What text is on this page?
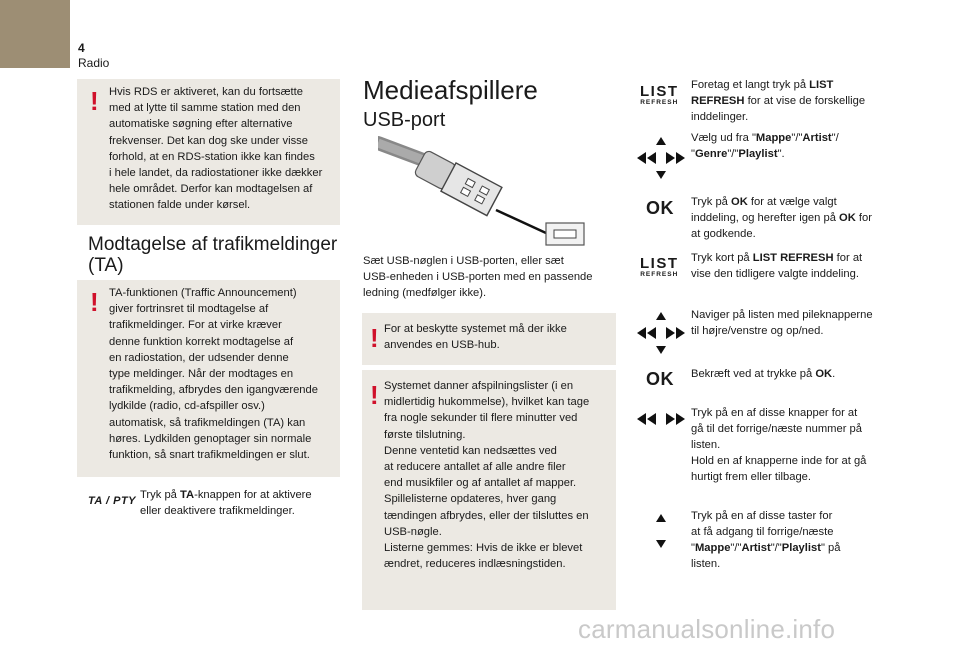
4
Radio
! Hvis RDS er aktiveret, kan du fortsætte
med at lytte til samme station med den
automatiske søgning efter alternative
frekvenser. Det kan dog ske under visse
forhold, at en RDS-station ikke kan findes
i hele landet, da radiostationer ikke dækker
hele området. Derfor kan modtagelsen af
stationen falde under kørsel.
Modtagelse af trafikmeldinger
(TA)
! TA-funktionen (Traffic Announcement)
giver fortrinsret til modtagelse af
trafikmeldinger. For at virke kræver
denne funktion korrekt modtagelse af
en radiostation, der udsender denne
type meldinger. Når der modtages en
trafikmelding, afbrydes den igangværende
lydkilde (radio, cd-afspiller osv.)
automatisk, så trafikmeldingen (TA) kan
høres. Lydkilden genoptager sin normale
funktion, så snart trafikmeldingen er slut.
TA / PTY Tryk på TA-knappen for at aktivere
eller deaktivere trafikmeldinger.
Medieafspillere
USB-port
Sæt USB-nøglen i USB-porten, eller sæt
USB-enheden i USB-porten med en passende
ledning (medfølger ikke).
! For at beskytte systemet må der ikke
anvendes en USB-hub.
! Systemet danner afspilningslister (i en
midlertidig hukommelse), hvilket kan tage
fra nogle sekunder til flere minutter ved
første tilslutning.
Denne ventetid kan nedsættes ved
at reducere antallet af alle andre filer
end musikfiler og af antallet af mapper.
Spillelisterne opdateres, hver gang
tændingen afbrydes, eller der tilsluttes en
USB-nøgle.
Listerne gemmes: Hvis de ikke er blevet
ændret, reduceres indlæsningstiden.
LIST
REFRESH
Foretag et langt tryk på LIST
REFRESH for at vise de forskellige
inddelinger.
Vælg ud fra "Mappe"/"Artist"/
"Genre"/"Playlist".
OK Tryk på OK for at vælge valgt
inddeling, og herefter igen på OK for
at godkende.
LIST
REFRESH
Tryk kort på LIST REFRESH for at
vise den tidligere valgte inddeling.
Naviger på listen med pileknapperne
til højre/venstre og op/ned.
OK Bekræft ved at trykke på OK.
Tryk på en af disse knapper for at
gå til det forrige/næste nummer på
listen.
Hold en af knapperne inde for at gå
hurtigt frem eller tilbage.
Tryk på en af disse taster for
at få adgang til forrige/næste
"Mappe"/"Artist"/"Playlist" på
listen.
carmanualsonline.info
